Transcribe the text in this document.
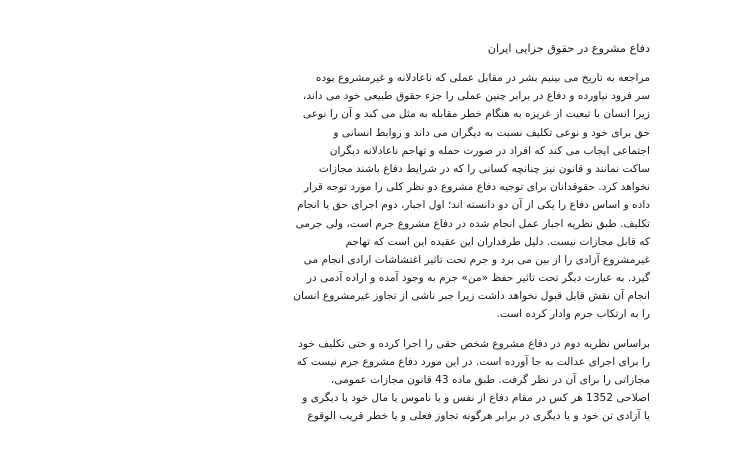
دفاع مشروع در حقوق جزایی ایران
مراجعه به تاریخ می بینیم بشر در مقابل عملی که ناعادلانه و غیرمشروع بوده
سر فرود نیاورده و دفاع در برابر چنین عملی را جزء حقوق طبیعی خود می داند،
زیرا انسان با تبعیت از غریزه به هنگام خطر مقابله به مثل می کند و آن را نوعی
حق برای خود و نوعی تکلیف نسبت به دیگران می داند و روابط انسانی و
اجتماعی ایجاب می کند که افراد در صورت حمله و تهاجم ناعادلانه دیگران
ساکت نمانند و قانون نیز چنانچه کسانی را که در شرایط دفاع باشند مجازات
نخواهد کرد. حقوقدانان برای توجیه دفاع مشروع دو نظر کلی را مورد توجه قرار
داده و اساس دفاع را یکی از آن دو دانسته اند؛ اول اجبار، دوم اجرای حق یا انجام
تکلیف. طبق نظریه اجبار عمل انجام شده در دفاع مشروع جرم است، ولی جرمی
که قابل مجازات نیست. دلیل طرفداران این عقیده این است که تهاجم
غیرمشروع آزادی را از بین می برد و جرم تحت تاثیر اغتشاشات ارادی انجام می
گیرد. به عبارت دیگر تحت تاثیر حفظ «من» جرم به وجود آمده و اراده آدمی در
انجام آن نقش قابل قبول نخواهد داشت زیرا جبر ناشی از تجاوز غیرمشروع انسان
را به ارتکاب جرم وادار کرده است.
براساس نظریه دوم در دفاع مشروع شخص حقی را اجرا کرده و حتی تکلیف خود
را برای اجرای عدالت به جا آورده است. در این مورد دفاع مشروع جرم نیست که
مجازاتی را برای آن در نظر گرفت. طبق ماده 43 قانون مجازات عمومی،
اصلاحی 1352 هر کس در مقام دفاع از نفس و یا ناموس یا مال خود یا دیگری و
یا آزادی تن خود و یا دیگری در برابر هرگونه تجاوز فعلی و یا خطر قریب الوقوع
